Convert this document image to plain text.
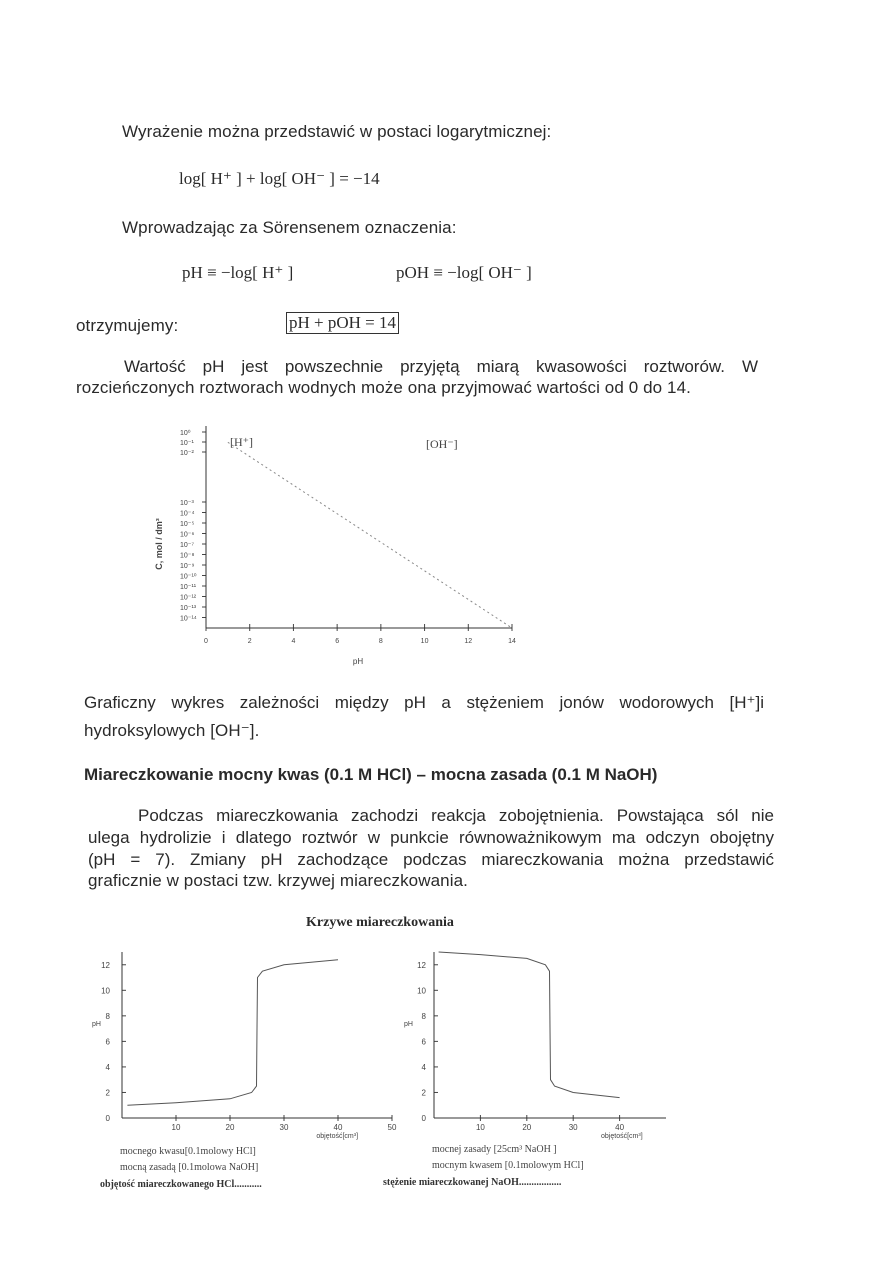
Wyrażenie można przedstawić w postaci logarytmicznej:
log[ H⁺ ] + log[ OH⁻ ] = −14
Wprowadzając za Sörensenem oznaczenia:
pH ≡ −log[ H⁺ ]	pOH ≡ −log[ OH⁻ ]
otrzymujemy:	pH + pOH = 14
Wartość pH jest powszechnie przyjętą miarą kwasowości roztworów. W
rozcieńczonych roztworach wodnych może ona przyjmować wartości od 0 do 14.
10⁰
10⁻¹
10⁻²
10⁻³
10⁻⁴
10⁻⁵
10⁻⁶
10⁻⁷
10⁻⁸
10⁻⁹
10⁻¹⁰
10⁻¹¹
10⁻¹²
10⁻¹³
10⁻¹⁴
0	2	4	6	8	10	12	14
[H⁺]	[OH⁻]
pH
C, mol / dm³
Graficzny wykres zależności między pH a stężeniem jonów wodorowych [H⁺]i
hydroksylowych [OH⁻].
Miareczkowanie mocny kwas (0.1 M HCl) – mocna zasada (0.1 M NaOH)
Podczas miareczkowania zachodzi reakcja zobojętnienia. Powstająca sól nie
ulega hydrolizie i dlatego roztwór w punkcie równoważnikowym ma odczyn obojętny
(pH = 7). Zmiany pH zachodzące podczas miareczkowania można przedstawić
graficznie w postaci tzw. krzywej miareczkowania.
Krzywe miareczkowania
0
2
4
6
8
10
12
10	20	30	40	50
pH
objętość[cm³]
0
2
4
6
8
10
12
10	20	30	40
pH
objętość[cm³]
mocnego kwasu[0.1molowy HCl]
mocną zasadą [0.1molowa NaOH]
objętość miareczkowanego HCl...........
mocnej zasady [25cm³ NaOH ]
mocnym kwasem [0.1molowym HCl]
stężenie miareczkowanej NaOH.................
